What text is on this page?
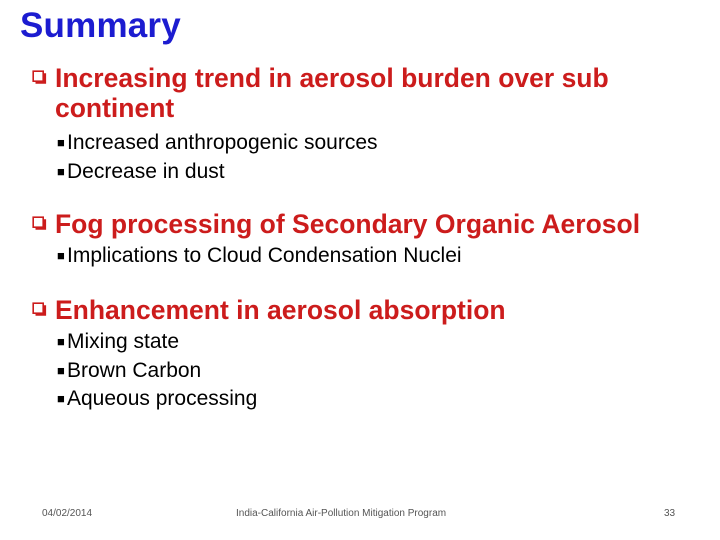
Summary
Increasing trend in aerosol burden over sub continent
■ Increased anthropogenic sources
■ Decrease in dust
Fog processing of Secondary Organic Aerosol
■ Implications to Cloud Condensation Nuclei
Enhancement in aerosol absorption
■ Mixing state
■ Brown Carbon
■ Aqueous processing
04/02/2014	India-California Air-Pollution Mitigation Program	33
